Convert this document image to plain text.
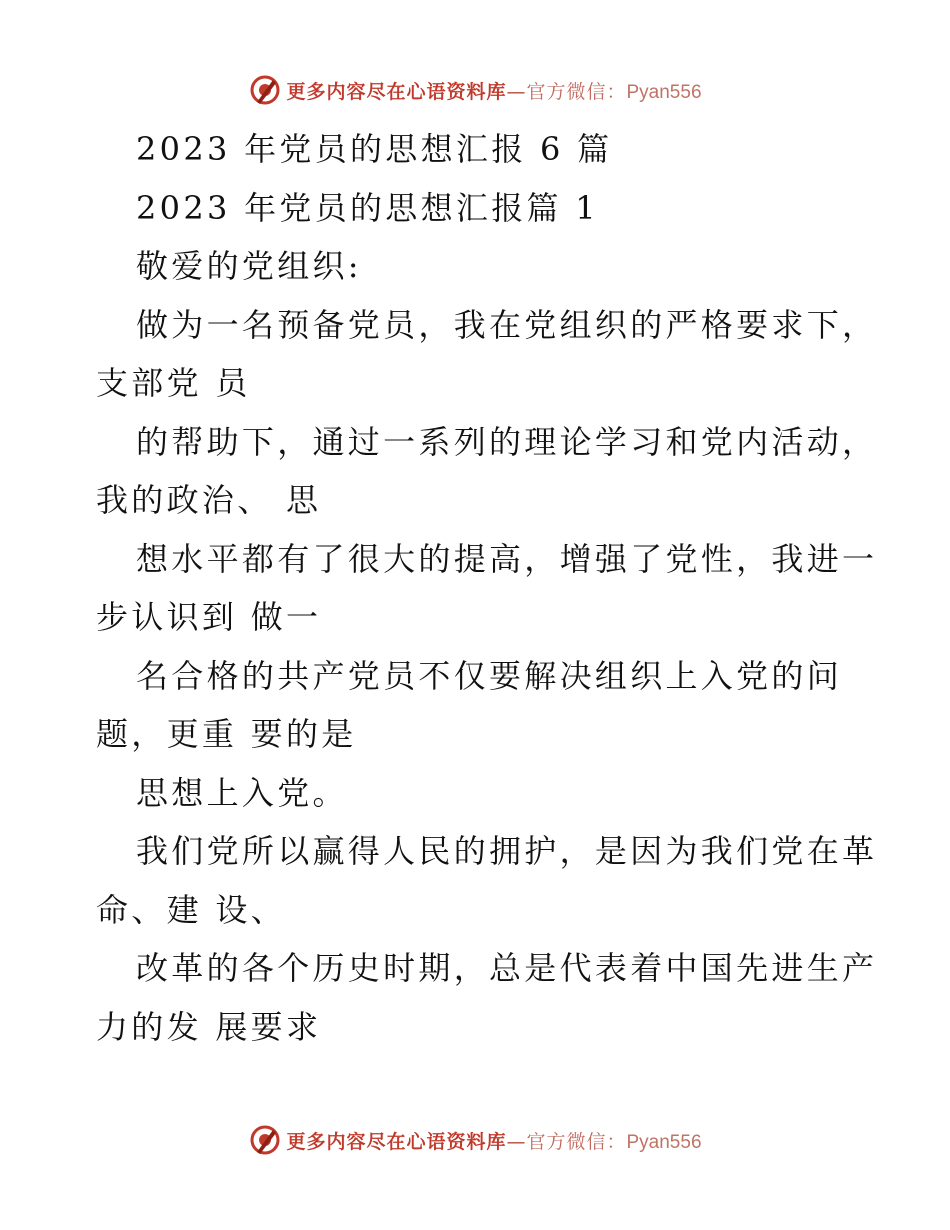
更多内容尽在心语资料库—官方微信：Pyan556
2023 年党员的思想汇报 6 篇
2023 年党员的思想汇报篇 1
敬爱的党组织:
做为一名预备党员，我在党组织的严格要求下，
支部党 员
的帮助下，通过一系列的理论学习和党内活动，
我的政治、 思
想水平都有了很大的提高，增强了党性，我进一
步认识到 做一
名合格的共产党员不仅要解决组织上入党的问
题，更重 要的是
思想上入党。
我们党所以赢得人民的拥护，是因为我们党在革
命、建 设、
改革的各个历史时期，总是代表着中国先进生产
力的发 展要求
更多内容尽在心语资料库—官方微信：Pyan556
